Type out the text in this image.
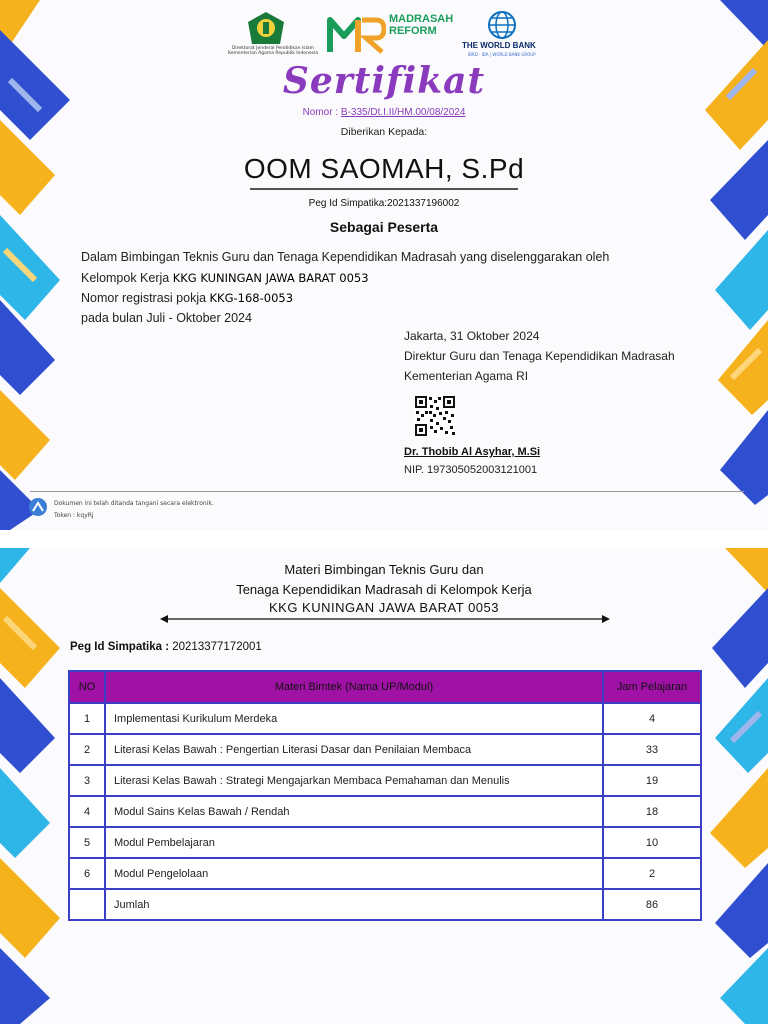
Direktorat Jenderal Pendidikan Islam Kementerian Agama Republik Indonesia
MADRASAH
REFORM
THE WORLD BANK
IBRD · IDA | WORLD BANK GROUP
Sertifikat
Nomor : B-335/Dt.I.II/HM.00/08/2024
Diberikan Kepada:
OOM SAOMAH, S.Pd
Peg Id Simpatika:2021337196002
Sebagai Peserta
Dalam Bimbingan Teknis Guru dan Tenaga Kependidikan Madrasah yang diselenggarakan oleh
Kelompok Kerja KKG KUNINGAN JAWA BARAT 0053
Nomor registrasi pokja KKG-168-0053
pada bulan Juli - Oktober 2024
Jakarta, 31 Oktober 2024
Direktur Guru dan Tenaga Kependidikan Madrasah
Kementerian Agama RI
Dr. Thobib Al Asyhar, M.Si
NIP. 197305052003121001
Dokumen ini telah ditanda tangani secara elektronik.
Token : kqyRj
Materi Bimbingan Teknis Guru dan
Tenaga Kependidikan Madrasah di Kelompok Kerja
KKG KUNINGAN JAWA BARAT 0053
Peg Id Simpatika : 20213377172001
NO	Materi Bimtek (Nama UP/Modul)	Jam Pelajaran
1	Implementasi Kurikulum Merdeka	4
2	Literasi Kelas Bawah : Pengertian Literasi Dasar dan Penilaian Membaca	33
3	Literasi Kelas Bawah : Strategi Mengajarkan Membaca Pemahaman dan Menulis	19
4	Modul Sains Kelas Bawah / Rendah	18
5	Modul Pembelajaran	10
6	Modul Pengelolaan	2
	Jumlah	86
